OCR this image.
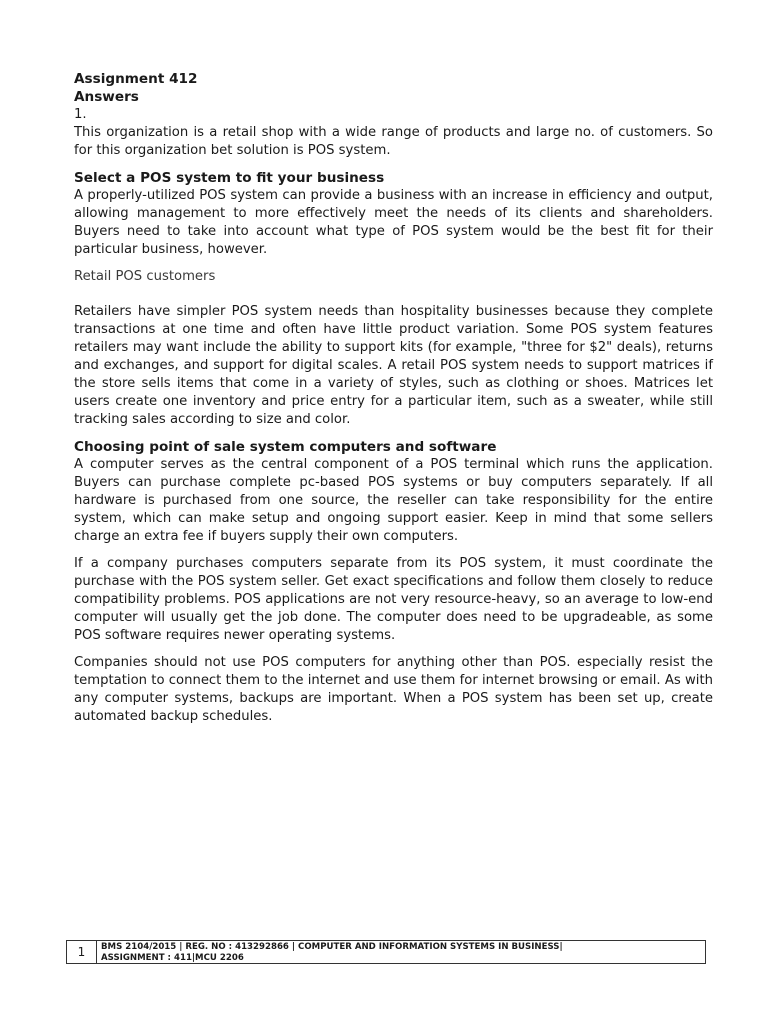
Assignment 412

Answers

1.

This organization is a retail shop with a wide range of products and large no. of customers. So for this organization bet solution is POS system.

Select a POS system to fit your business

A properly-utilized POS system can provide a business with an increase in efficiency and output, allowing management to more effectively meet the needs of its clients and shareholders. Buyers need to take into account what type of POS system would be the best fit for their particular business, however.

Retail POS customers

Retailers have simpler POS system needs than hospitality businesses because they complete transactions at one time and often have little product variation. Some POS system features retailers may want include the ability to support kits (for example, "three for $2" deals), returns and exchanges, and support for digital scales. A retail POS system needs to support matrices if the store sells items that come in a variety of styles, such as clothing or shoes. Matrices let users create one inventory and price entry for a particular item, such as a sweater, while still tracking sales according to size and color.

Choosing point of sale system computers and software

A computer serves as the central component of a POS terminal which runs the application. Buyers can purchase complete pc-based POS systems or buy computers separately. If all hardware is purchased from one source, the reseller can take responsibility for the entire system, which can make setup and ongoing support easier. Keep in mind that some sellers charge an extra fee if buyers supply their own computers.

If a company purchases computers separate from its POS system, it must coordinate the purchase with the POS system seller. Get exact specifications and follow them closely to reduce compatibility problems. POS applications are not very resource-heavy, so an average to low-end computer will usually get the job done. The computer does need to be upgradeable, as some POS software requires newer operating systems.

Companies should not use POS computers for anything other than POS. especially resist the temptation to connect them to the internet and use them for internet browsing or email. As with any computer systems, backups are important. When a POS system has been set up, create automated backup schedules.

1	BMS 2104/2015 | REG. NO : 413292866 | COMPUTER AND INFORMATION SYSTEMS IN BUSINESS|
ASSIGNMENT : 411|MCU 2206
